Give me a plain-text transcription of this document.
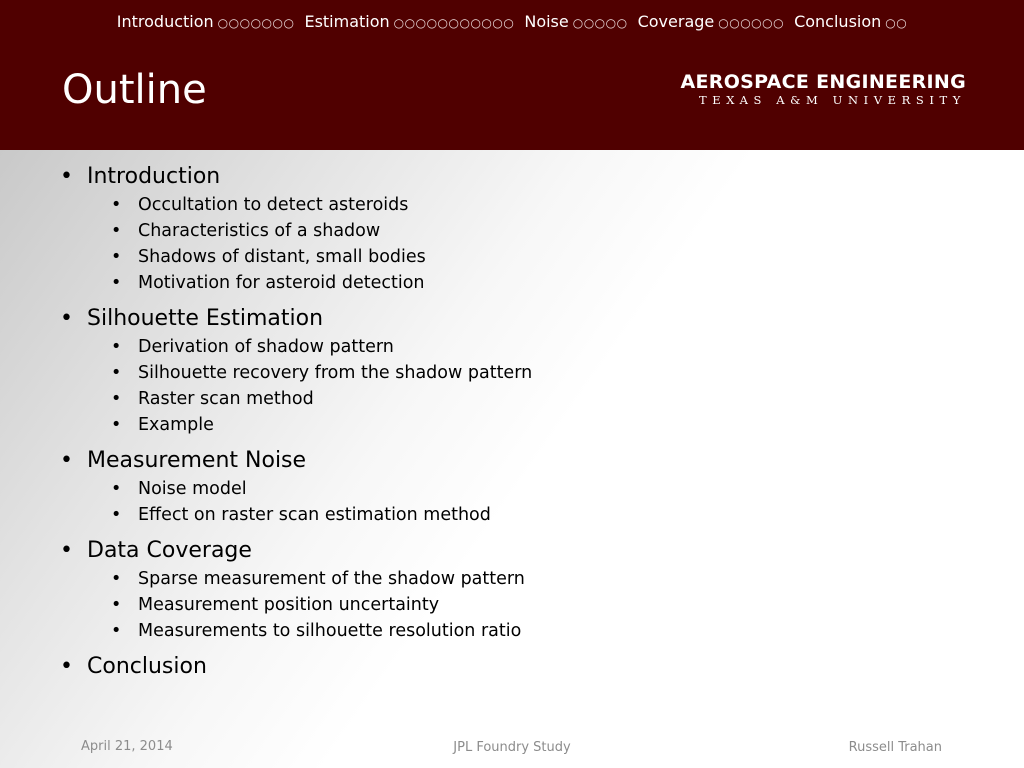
Introduction ○○○○○○○ Estimation ○○○○○○○○○○○ Noise ○○○○○ Coverage ○○○○○○ Conclusion ○○
Outline	AEROSPACE ENGINEERING
TEXAS A&M UNIVERSITY
• Introduction
• Occultation to detect asteroids
• Characteristics of a shadow
• Shadows of distant, small bodies
• Motivation for asteroid detection
• Silhouette Estimation
• Derivation of shadow pattern
• Silhouette recovery from the shadow pattern
• Raster scan method
• Example
• Measurement Noise
• Noise model
• Effect on raster scan estimation method
• Data Coverage
• Sparse measurement of the shadow pattern
• Measurement position uncertainty
• Measurements to silhouette resolution ratio
• Conclusion
April 21, 2014	JPL Foundry Study	Russell Trahan
